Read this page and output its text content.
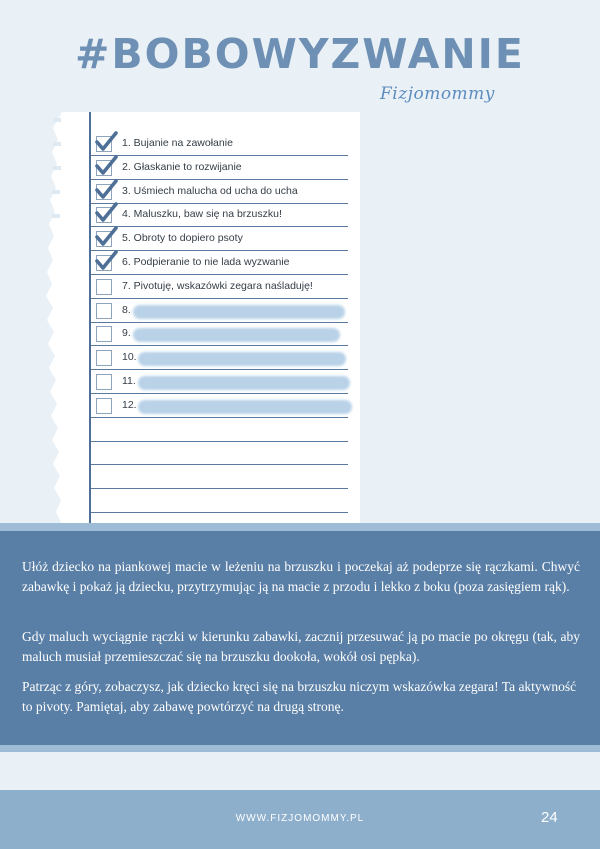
#BOBOWYZWANIE
Fizjomommy
1. Bujanie na zawołanie
2. Głaskanie to rozwijanie
3. Uśmiech malucha od ucha do ucha
4. Maluszku, baw się na brzuszku!
5. Obroty to dopiero psoty
6. Podpieranie to nie lada wyzwanie
7. Pivotuję, wskazówki zegara naśladuję!
8.
9.
10.
11.
12.

Ułóż dziecko na piankowej macie w leżeniu na brzuszku i poczekaj aż podeprze się rączkami. Chwyć zabawkę i pokaż ją dziecku, przytrzymując ją na macie z przodu i lekko z boku (poza zasięgiem rąk).

Gdy maluch wyciągnie rączki w kierunku zabawki, zacznij przesuwać ją po macie po okręgu (tak, aby maluch musiał przemieszczać się na brzuszku dookoła, wokół osi pępka).

Patrząc z góry, zobaczysz, jak dziecko kręci się na brzuszku niczym wskazówka zegara! Ta aktywność to pivoty. Pamiętaj, aby zabawę powtórzyć na drugą stronę.

WWW.FIZJOMOMMY.PL	24
